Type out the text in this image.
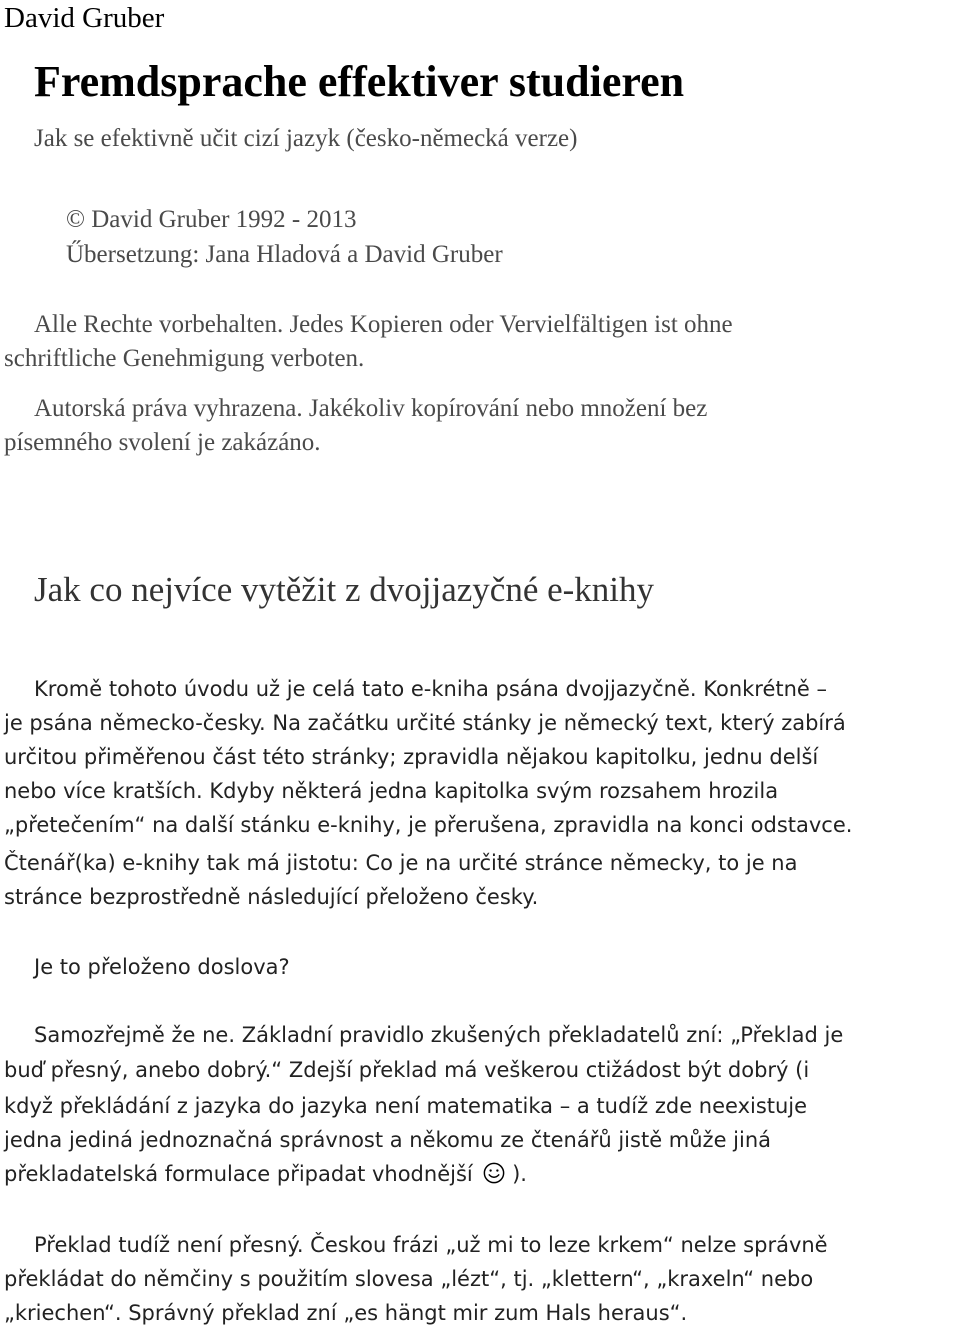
David Gruber
Fremdsprache effektiver studieren
Jak se efektivně učit cizí jazyk (česko-německá verze)
© David Gruber 1992 - 2013
Űbersetzung: Jana Hladová a David Gruber
Alle Rechte vorbehalten. Jedes Kopieren oder Vervielfältigen ist ohne
schriftliche Genehmigung verboten.
Autorská práva vyhrazena. Jakékoliv kopírování nebo množení bez
písemného svolení je zakázáno.
Jak co nejvíce vytěžit z dvojjazyčné e-knihy
Kromě tohoto úvodu už je celá tato e-kniha psána dvojjazyčně. Konkrétně –
je psána německo-česky. Na začátku určité stánky je německý text, který zabírá
určitou přiměřenou část této stránky; zpravidla nějakou kapitolku, jednu delší
nebo více kratších. Kdyby některá jedna kapitolka svým rozsahem hrozila
„přetečením“ na další stánku e-knihy, je přerušena, zpravidla na konci odstavce.
Čtenář(ka) e-knihy tak má jistotu: Co je na určité stránce německy, to je na
stránce bezprostředně následující přeloženo česky.
Je to přeloženo doslova?
Samozřejmě že ne. Základní pravidlo zkušených překladatelů zní: „Překlad je
buď přesný, anebo dobrý.“ Zdejší překlad má veškerou ctižádost být dobrý (i
když překládání z jazyka do jazyka není matematika – a tudíž zde neexistuje
jedna jediná jednoznačná správnost a někomu ze čtenářů jistě může jiná
překladatelská formulace připadat vhodnější ).
Překlad tudíž není přesný. Českou frázi „už mi to leze krkem“ nelze správně
překládat do němčiny s použitím slovesa „lézt“, tj. „klettern“, „kraxeln“ nebo
„kriechen“. Správný překlad zní „es hängt mir zum Hals heraus“.
